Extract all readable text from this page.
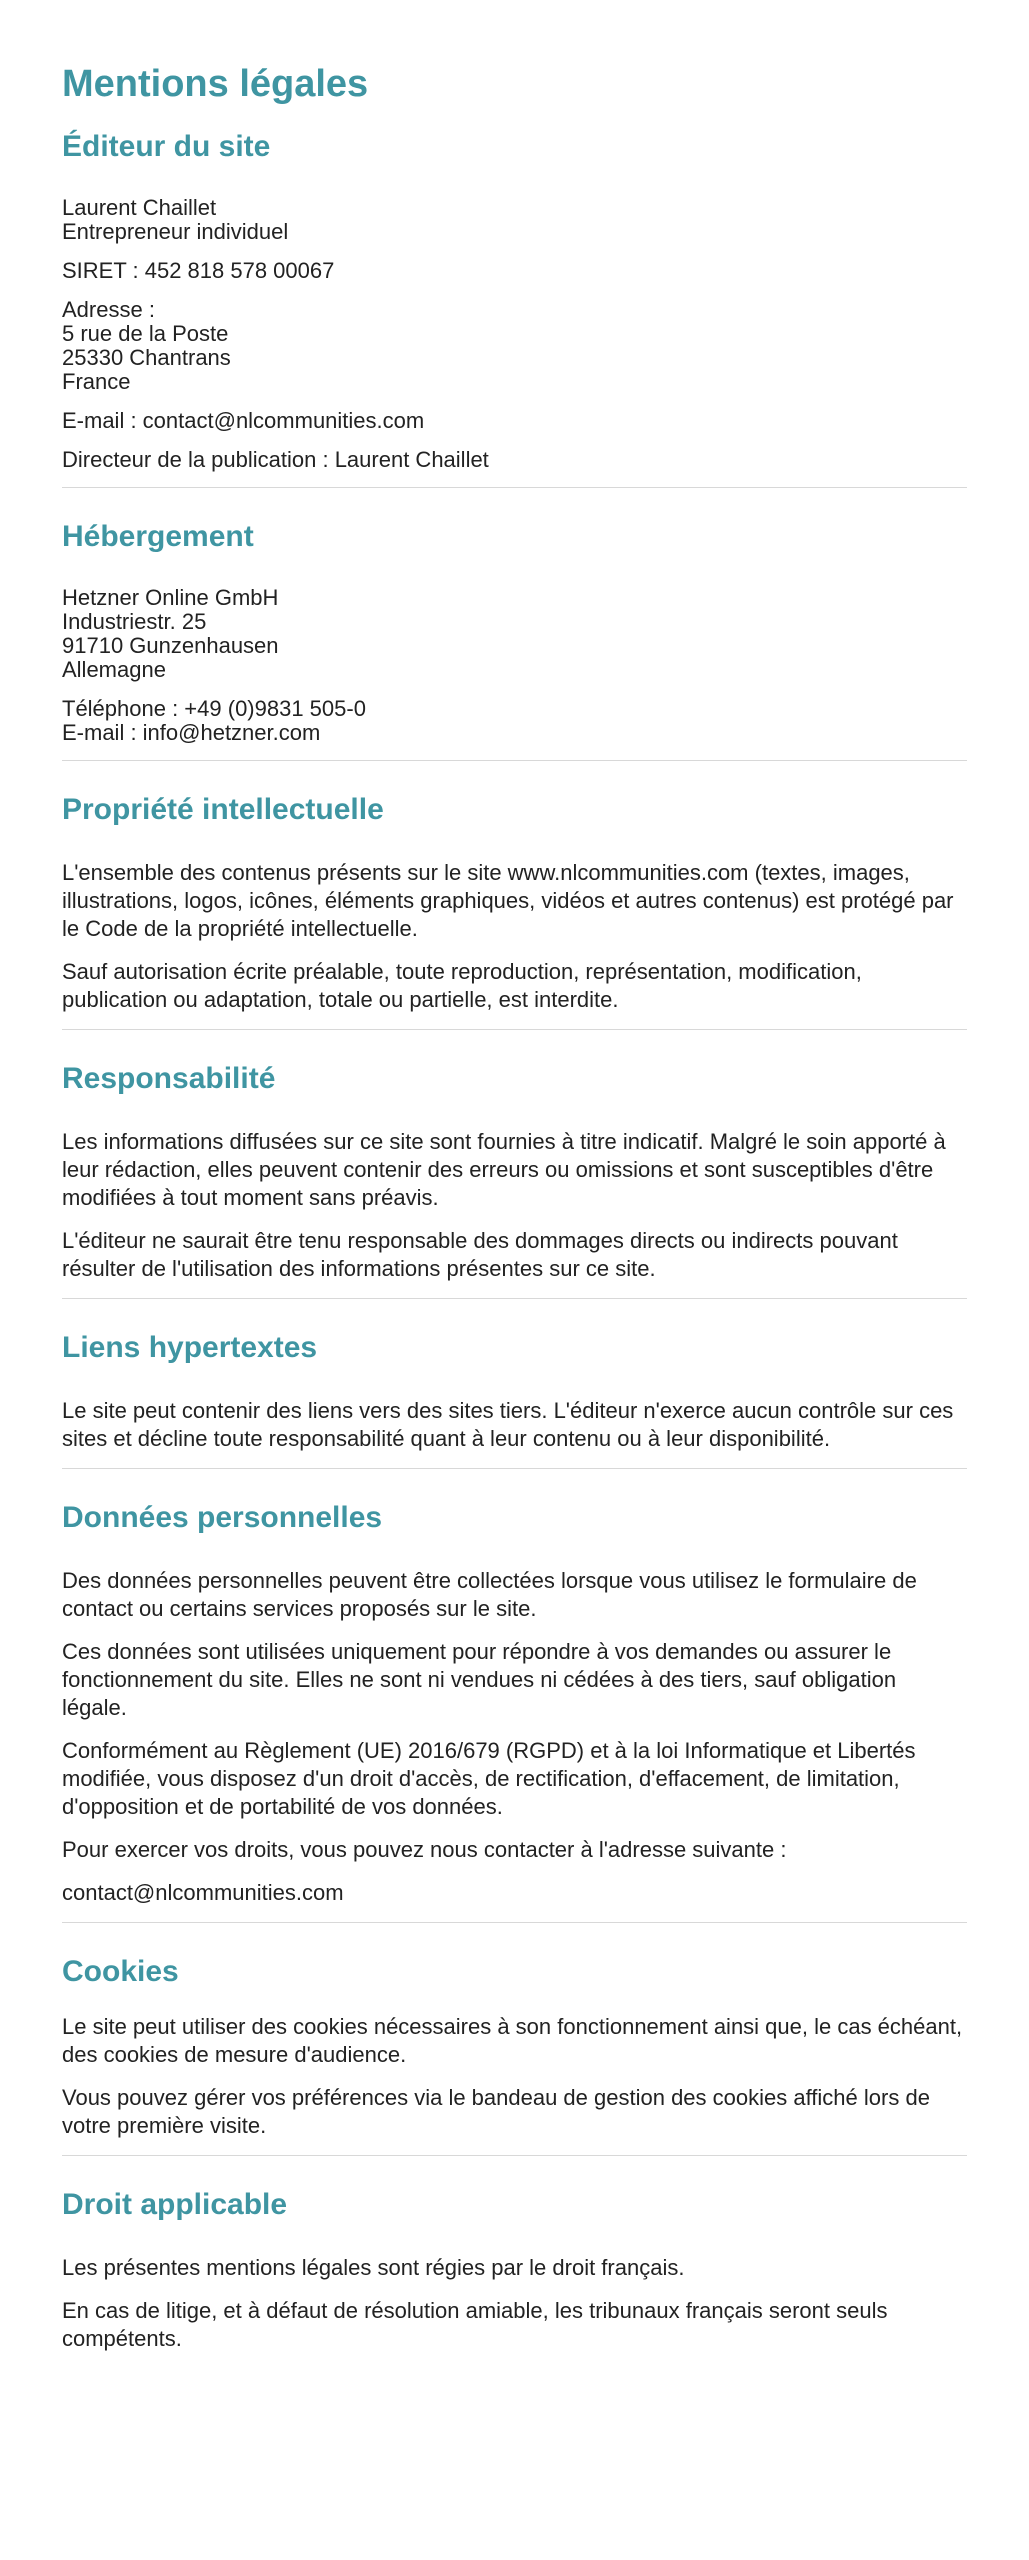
Mentions légales
Éditeur du site
Laurent Chaillet
Entrepreneur individuel
SIRET : 452 818 578 00067
Adresse :
5 rue de la Poste
25330 Chantrans
France
E-mail : contact@nlcommunities.com
Directeur de la publication : Laurent Chaillet
Hébergement
Hetzner Online GmbH
Industriestr. 25
91710 Gunzenhausen
Allemagne
Téléphone : +49 (0)9831 505-0
E-mail : info@hetzner.com
Propriété intellectuelle

L'ensemble des contenus présents sur le site www.nlcommunities.com (textes, images, illustrations, logos, icônes, éléments graphiques, vidéos et autres contenus) est protégé par le Code de la propriété intellectuelle.

Sauf autorisation écrite préalable, toute reproduction, représentation, modification, publication ou adaptation, totale ou partielle, est interdite.

Responsabilité

Les informations diffusées sur ce site sont fournies à titre indicatif. Malgré le soin apporté à leur rédaction, elles peuvent contenir des erreurs ou omissions et sont susceptibles d'être modifiées à tout moment sans préavis.

L'éditeur ne saurait être tenu responsable des dommages directs ou indirects pouvant résulter de l'utilisation des informations présentes sur ce site.

Liens hypertextes

Le site peut contenir des liens vers des sites tiers. L'éditeur n'exerce aucun contrôle sur ces sites et décline toute responsabilité quant à leur contenu ou à leur disponibilité.

Données personnelles

Des données personnelles peuvent être collectées lorsque vous utilisez le formulaire de contact ou certains services proposés sur le site.

Ces données sont utilisées uniquement pour répondre à vos demandes ou assurer le fonctionnement du site. Elles ne sont ni vendues ni cédées à des tiers, sauf obligation légale.

Conformément au Règlement (UE) 2016/679 (RGPD) et à la loi Informatique et Libertés modifiée, vous disposez d'un droit d'accès, de rectification, d'effacement, de limitation, d'opposition et de portabilité de vos données.

Pour exercer vos droits, vous pouvez nous contacter à l'adresse suivante :

contact@nlcommunities.com

Cookies

Le site peut utiliser des cookies nécessaires à son fonctionnement ainsi que, le cas échéant, des cookies de mesure d'audience.

Vous pouvez gérer vos préférences via le bandeau de gestion des cookies affiché lors de votre première visite.

Droit applicable

Les présentes mentions légales sont régies par le droit français.

En cas de litige, et à défaut de résolution amiable, les tribunaux français seront seuls compétents.
